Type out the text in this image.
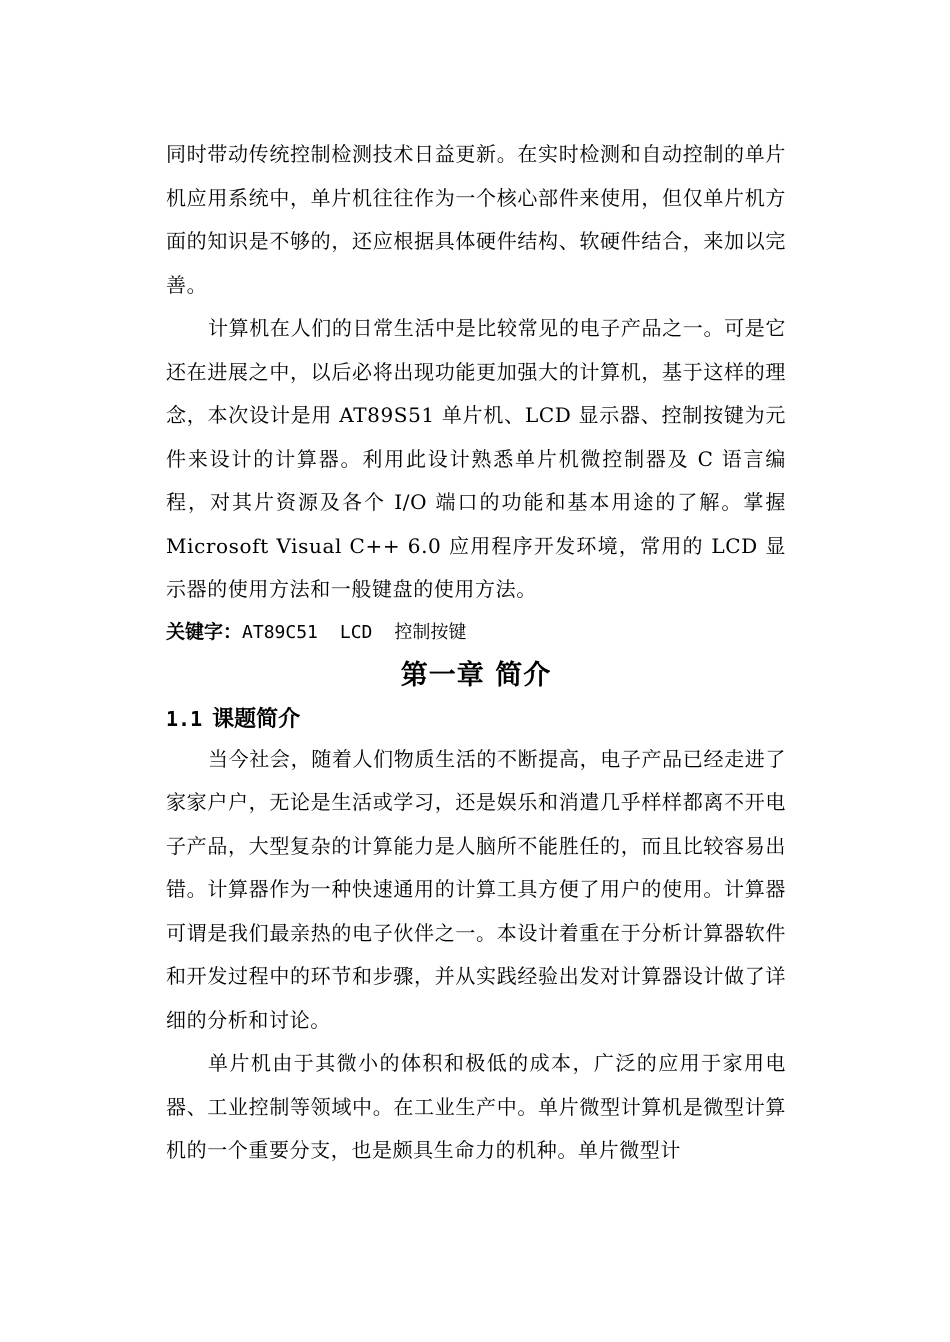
同时带动传统控制检测技术日益更新。在实时检测和自动控制的单片机应用系统中，单片机往往作为一个核心部件来使用，但仅单片机方面的知识是不够的，还应根据具体硬件结构、软硬件结合，来加以完善。

计算机在人们的日常生活中是比较常见的电子产品之一。可是它还在进展之中，以后必将出现功能更加强大的计算机，基于这样的理念，本次设计是用 AT89S51 单片机、LCD 显示器、控制按键为元件来设计的计算器。利用此设计熟悉单片机微控制器及 C 语言编程，对其片资源及各个 I/O 端口的功能和基本用途的了解。掌握 Microsoft Visual C++ 6.0 应用程序开发环境，常用的 LCD 显示器的使用方法和一般键盘的使用方法。

关键字：AT89C51 LCD 控制按键

第一章 简介
1.1 课题简介

当今社会，随着人们物质生活的不断提高，电子产品已经走进了家家户户，无论是生活或学习，还是娱乐和消遣几乎样样都离不开电子产品，大型复杂的计算能力是人脑所不能胜任的，而且比较容易出错。计算器作为一种快速通用的计算工具方便了用户的使用。计算器可谓是我们最亲热的电子伙伴之一。本设计着重在于分析计算器软件和开发过程中的环节和步骤，并从实践经验出发对计算器设计做了详细的分析和讨论。

单片机由于其微小的体积和极低的成本，广泛的应用于家用电器、工业控制等领域中。在工业生产中。单片微型计算机是微型计算机的一个重要分支，也是颇具生命力的机种。单片微型计
